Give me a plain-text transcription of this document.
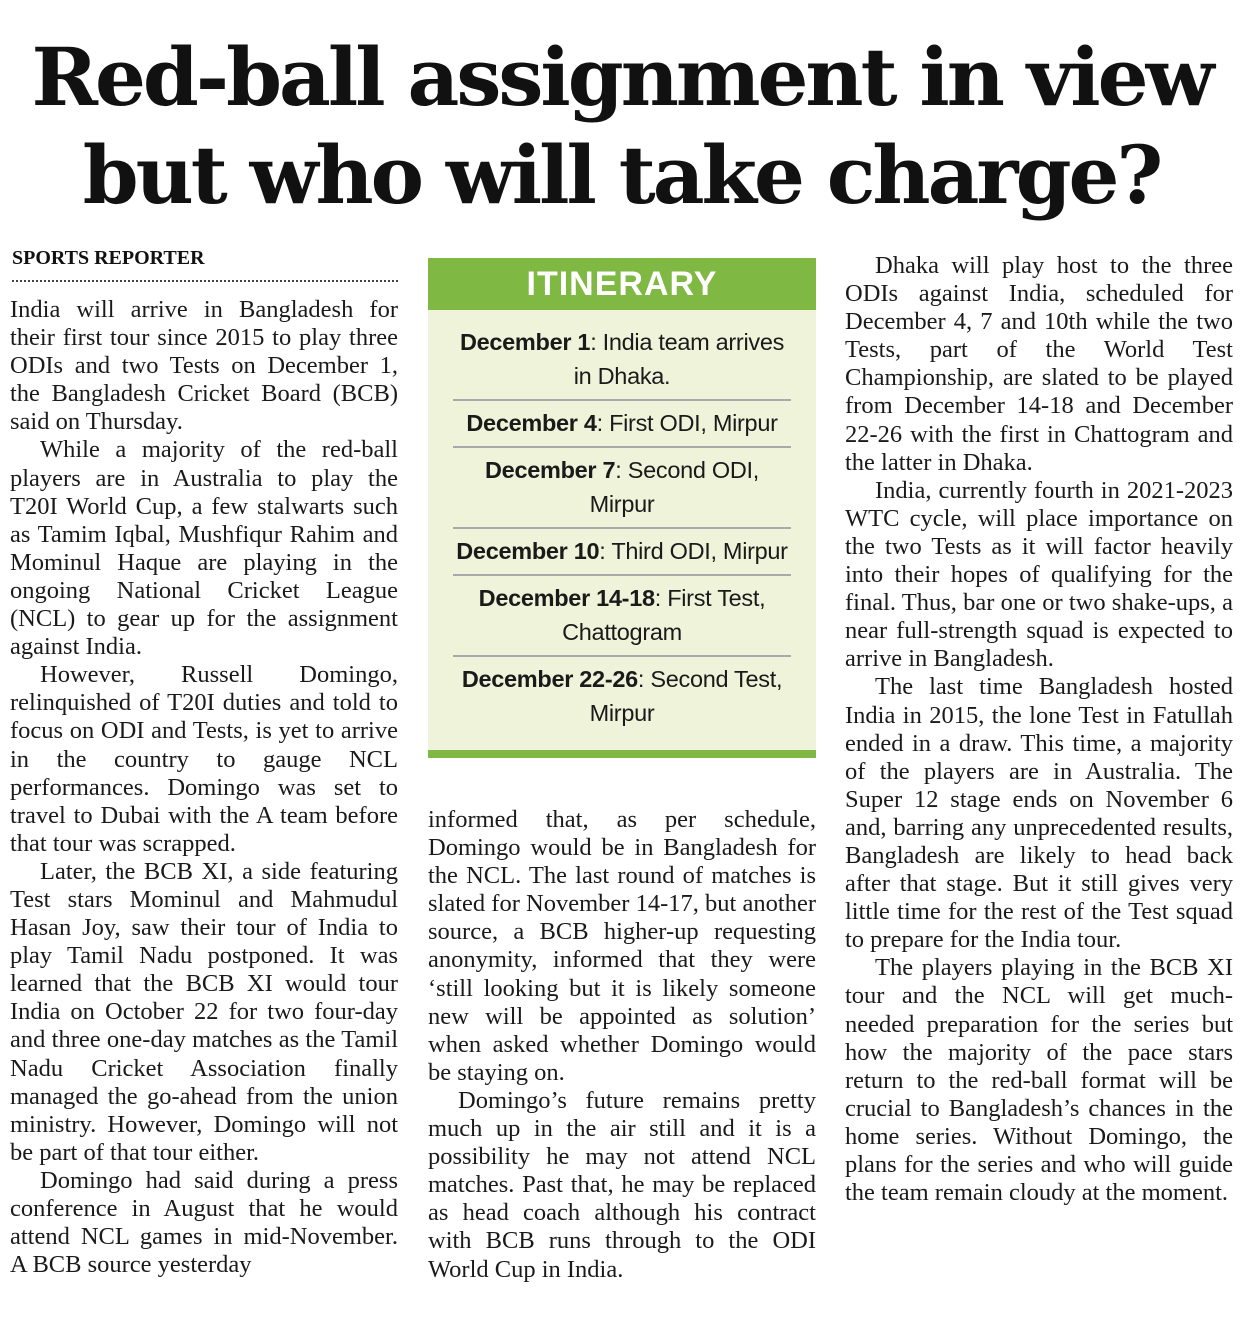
Red-ball assignment in view
but who will take charge?
SPORTS REPORTER

India will arrive in Bangladesh for their first tour since 2015 to play three ODIs and two Tests on December 1, the Bangladesh Cricket Board (BCB) said on Thursday.

While a majority of the red-ball players are in Australia to play the T20I World Cup, a few stalwarts such as Tamim Iqbal, Mushfiqur Rahim and Mominul Haque are playing in the ongoing National Cricket League (NCL) to gear up for the assignment against India.

However, Russell Domingo, relinquished of T20I duties and told to focus on ODI and Tests, is yet to arrive in the country to gauge NCL performances. Domingo was set to travel to Dubai with the A team before that tour was scrapped.

Later, the BCB XI, a side featuring Test stars Mominul and Mahmudul Hasan Joy, saw their tour of India to play Tamil Nadu postponed. It was learned that the BCB XI would tour India on October 22 for two four-day and three one-day matches as the Tamil Nadu Cricket Association finally managed the go-ahead from the union ministry. However, Domingo will not be part of that tour either.

Domingo had said during a press conference in August that he would attend NCL games in mid-November. A BCB source yesterday

ITINERARY
December 1: India team arrives in Dhaka.
December 4: First ODI, Mirpur
December 7: Second ODI, Mirpur
December 10: Third ODI, Mirpur
December 14-18: First Test, Chattogram
December 22-26: Second Test, Mirpur

informed that, as per schedule, Domingo would be in Bangladesh for the NCL. The last round of matches is slated for November 14-17, but another source, a BCB higher-up requesting anonymity, informed that they were ‘still looking but it is likely someone new will be appointed as solution’ when asked whether Domingo would be staying on.

Domingo’s future remains pretty much up in the air still and it is a possibility he may not attend NCL matches. Past that, he may be replaced as head coach although his contract with BCB runs through to the ODI World Cup in India.

Dhaka will play host to the three ODIs against India, scheduled for December 4, 7 and 10th while the two Tests, part of the World Test Championship, are slated to be played from December 14-18 and December 22-26 with the first in Chattogram and the latter in Dhaka.

India, currently fourth in 2021-2023 WTC cycle, will place importance on the two Tests as it will factor heavily into their hopes of qualifying for the final. Thus, bar one or two shake-ups, a near full-strength squad is expected to arrive in Bangladesh.

The last time Bangladesh hosted India in 2015, the lone Test in Fatullah ended in a draw. This time, a majority of the players are in Australia. The Super 12 stage ends on November 6 and, barring any unprecedented results, Bangladesh are likely to head back after that stage. But it still gives very little time for the rest of the Test squad to prepare for the India tour.

The players playing in the BCB XI tour and the NCL will get much-needed preparation for the series but how the majority of the pace stars return to the red-ball format will be crucial to Bangladesh’s chances in the home series. Without Domingo, the plans for the series and who will guide the team remain cloudy at the moment.
